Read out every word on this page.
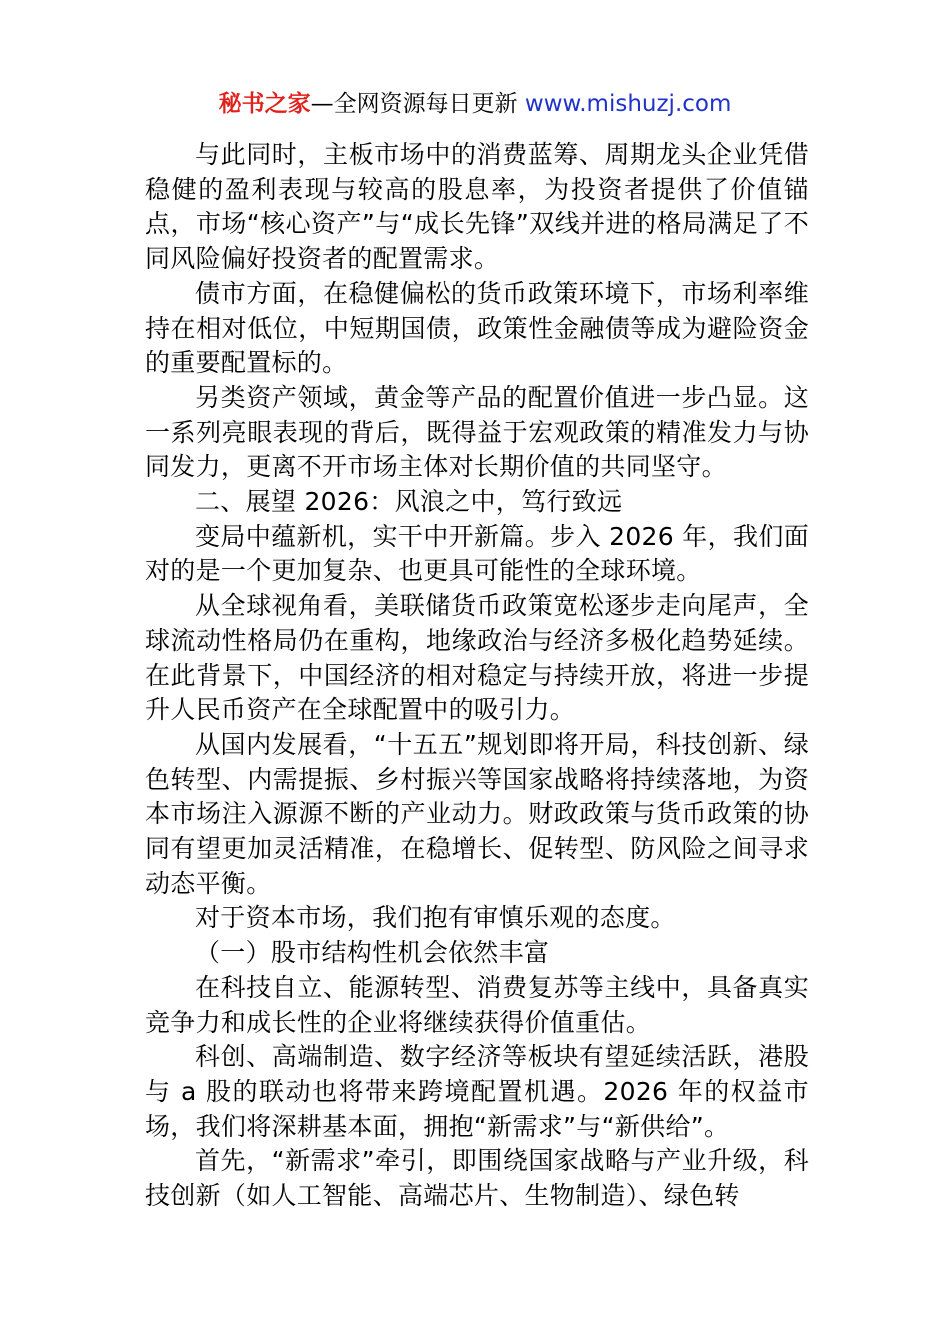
秘书之家—全网资源每日更新 www.mishuzj.com

与此同时，主板市场中的消费蓝筹、周期龙头企业凭借稳健的盈利表现与较高的股息率，为投资者提供了价值锚点，市场“核心资产”与“成长先锋”双线并进的格局满足了不同风险偏好投资者的配置需求。

债市方面，在稳健偏松的货币政策环境下，市场利率维持在相对低位，中短期国债，政策性金融债等成为避险资金的重要配置标的。

另类资产领域，黄金等产品的配置价值进一步凸显。这一系列亮眼表现的背后，既得益于宏观政策的精准发力与协同发力，更离不开市场主体对长期价值的共同坚守。

二、展望 2026：风浪之中，笃行致远

变局中蕴新机，实干中开新篇。步入 2026 年，我们面对的是一个更加复杂、也更具可能性的全球环境。

从全球视角看，美联储货币政策宽松逐步走向尾声，全球流动性格局仍在重构，地缘政治与经济多极化趋势延续。在此背景下，中国经济的相对稳定与持续开放，将进一步提升人民币资产在全球配置中的吸引力。

从国内发展看，“十五五”规划即将开局，科技创新、绿色转型、内需提振、乡村振兴等国家战略将持续落地，为资本市场注入源源不断的产业动力。财政政策与货币政策的协同有望更加灵活精准，在稳增长、促转型、防风险之间寻求动态平衡。

对于资本市场，我们抱有审慎乐观的态度。

（一）股市结构性机会依然丰富

在科技自立、能源转型、消费复苏等主线中，具备真实竞争力和成长性的企业将继续获得价值重估。

科创、高端制造、数字经济等板块有望延续活跃，港股与 a 股的联动也将带来跨境配置机遇。2026 年的权益市场，我们将深耕基本面，拥抱“新需求”与“新供给”。

首先，“新需求”牵引，即围绕国家战略与产业升级，科技创新（如人工智能、高端芯片、生物制造）、绿色转
